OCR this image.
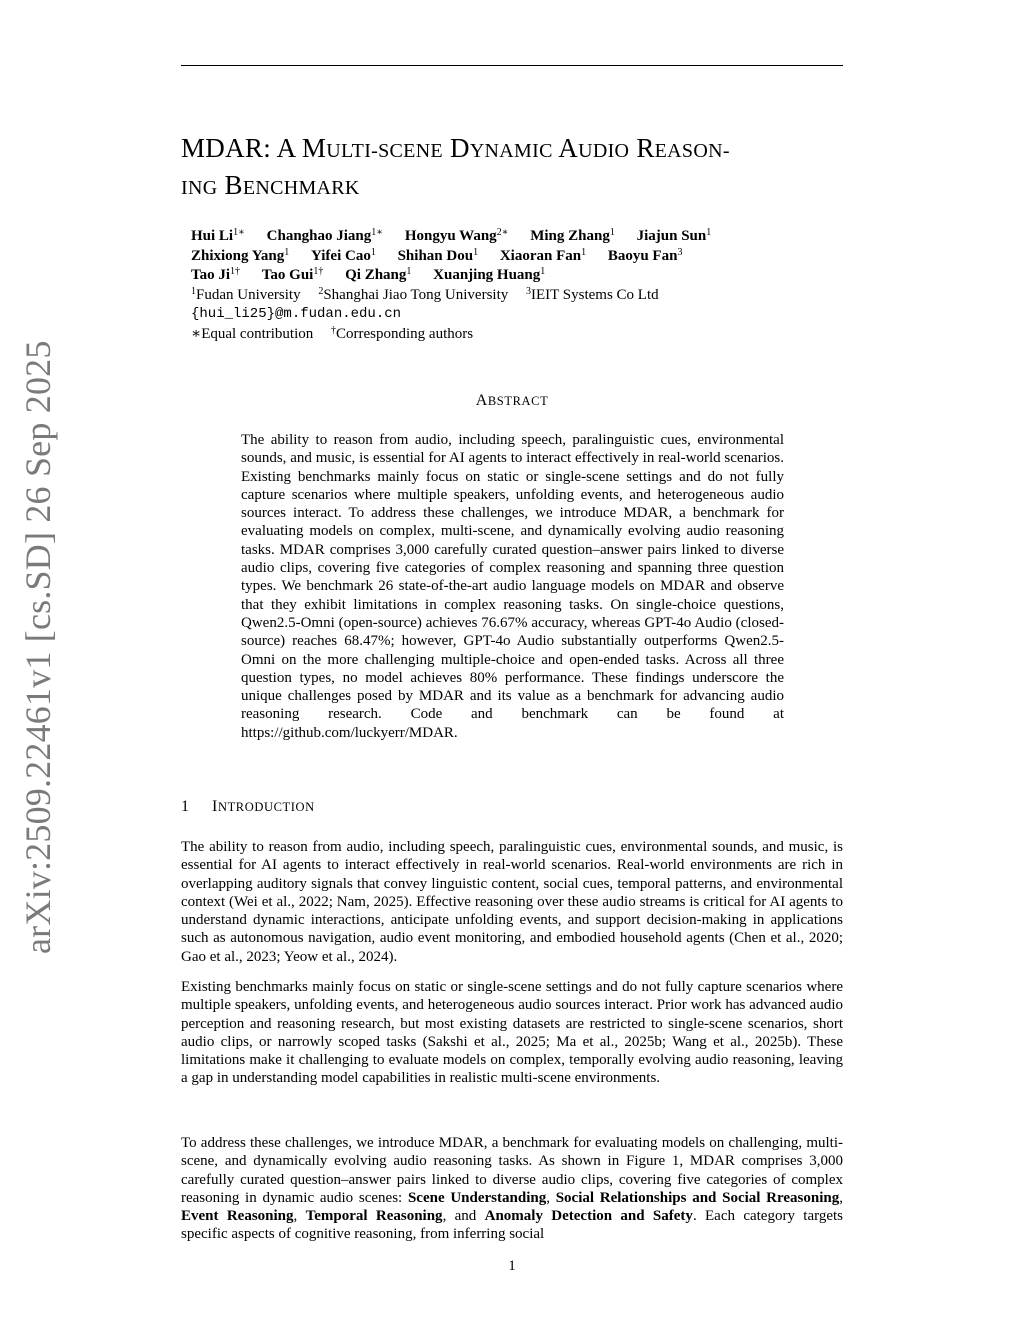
arXiv:2509.22461v1 [cs.SD] 26 Sep 2025
MDAR: A MULTI-SCENE DYNAMIC AUDIO REASON-
ING BENCHMARK
Hui $Li^{1∗}$ Changhao Jiang$^{1∗}$ Hongyu Wang$^{2∗}$ Ming Zhang$^1$ Jiajun Sun$^1$
Zhixiong Yang$^1$ Yifei Cao$^1$ Shihan Dou$^1$ Xiaoran Fan$^1$ Baoyu Fan$^3$
Tao $Ji^{1\dagger}$ Tao Gui$^{1\dagger}$ Qi Zhang$^1$ Xuanjing Huang$^1$
$^1$Fudan University $^2$Shanghai Jiao Tong University $^3$IEIT Systems Co Ltd
{hui_li25}@m.fudan.edu.cn
∗Equal contribution †Corresponding authors
ABSTRACT
The ability to reason from audio, including speech, paralinguistic cues, environmental sounds, and music, is essential for AI agents to interact effectively in real-world scenarios. Existing benchmarks mainly focus on static or single-scene settings and do not fully capture scenarios where multiple speakers, unfolding events, and heterogeneous audio sources interact. To address these challenges, we introduce MDAR, a benchmark for evaluating models on complex, multi-scene, and dynamically evolving audio reasoning tasks. MDAR comprises 3,000 carefully curated question–answer pairs linked to diverse audio clips, covering five categories of complex reasoning and spanning three question types. We benchmark 26 state-of-the-art audio language models on MDAR and observe that they exhibit limitations in complex reasoning tasks. On single-choice questions, Qwen2.5-Omni (open-source) achieves 76.67% accuracy, whereas GPT-4o Audio (closed-source) reaches 68.47%; however, GPT-4o Audio substantially outperforms Qwen2.5-Omni on the more challenging multiple-choice and open-ended tasks. Across all three question types, no model achieves 80% performance. These findings underscore the unique challenges posed by MDAR and its value as a benchmark for advancing audio reasoning research. Code and benchmark can be found at https://github.com/luckyerr/MDAR.
1 INTRODUCTION
The ability to reason from audio, including speech, paralinguistic cues, environmental sounds, and music, is essential for AI agents to interact effectively in real-world scenarios. Real-world environments are rich in overlapping auditory signals that convey linguistic content, social cues, temporal patterns, and environmental context (Wei et al., 2022; Nam, 2025). Effective reasoning over these audio streams is critical for AI agents to understand dynamic interactions, anticipate unfolding events, and support decision-making in applications such as autonomous navigation, audio event monitoring, and embodied household agents (Chen et al., 2020; Gao et al., 2023; Yeow et al., 2024).
Existing benchmarks mainly focus on static or single-scene settings and do not fully capture scenarios where multiple speakers, unfolding events, and heterogeneous audio sources interact. Prior work has advanced audio perception and reasoning research, but most existing datasets are restricted to single-scene scenarios, short audio clips, or narrowly scoped tasks (Sakshi et al., 2025; Ma et al., 2025b; Wang et al., 2025b). These limitations make it challenging to evaluate models on complex, temporally evolving audio reasoning, leaving a gap in understanding model capabilities in realistic multi-scene environments.
To address these challenges, we introduce MDAR, a benchmark for evaluating models on challenging, multi-scene, and dynamically evolving audio reasoning tasks. As shown in Figure 1, MDAR comprises 3,000 carefully curated question–answer pairs linked to diverse audio clips, covering five categories of complex reasoning in dynamic audio scenes: Scene Understanding, Social Relationships and Social Rreasoning, Event Reasoning, Temporal Reasoning, and Anomaly Detection and Safety. Each category targets specific aspects of cognitive reasoning, from inferring social
1
